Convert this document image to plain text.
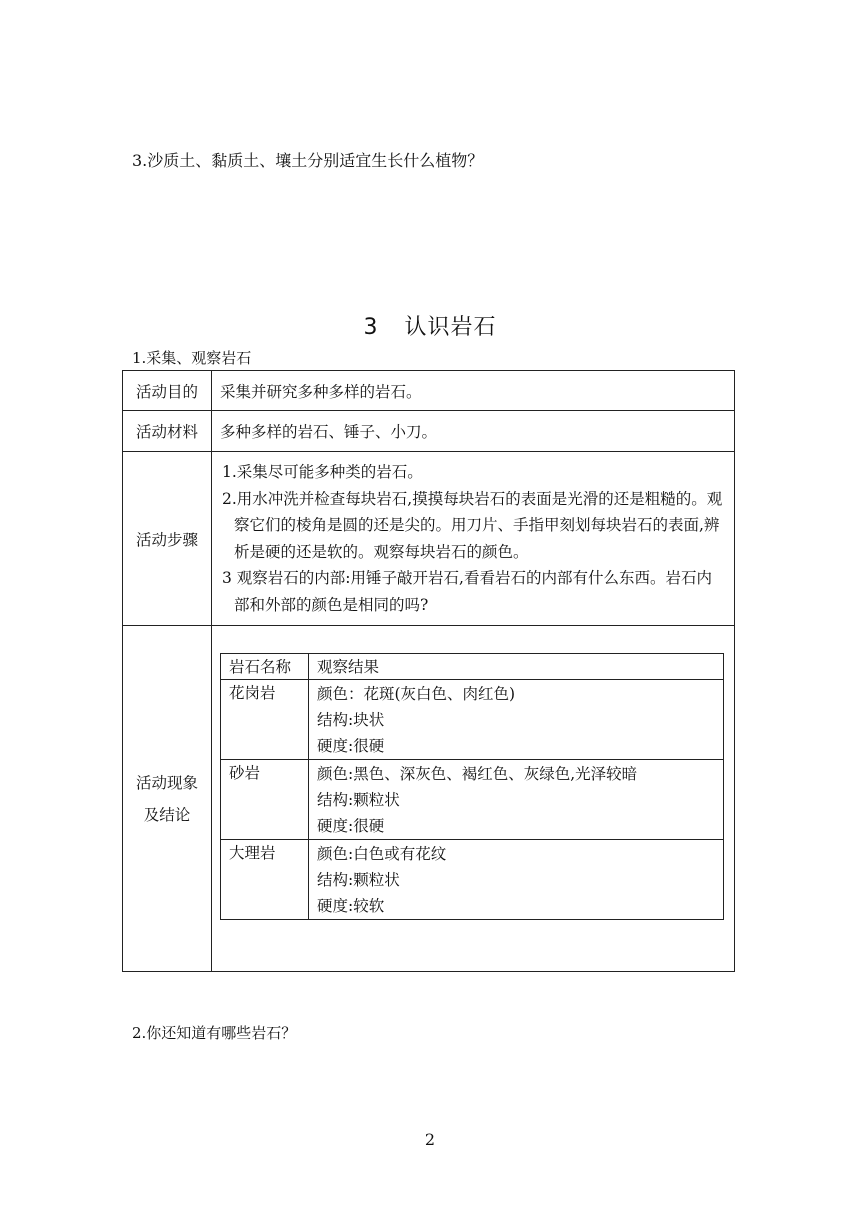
3.沙质土、黏质土、壤土分别适宜生长什么植物？
3 认识岩石
1.采集、观察岩石
活动目的	采集并研究多种多样的岩石。
活动材料	多种多样的岩石、锤子、小刀。
活动步骤	

1.采集尽可能多种类的岩石。

2.用水冲洗并检查每块岩石,摸摸每块岩石的表面是光滑的还是粗糙的。观察它们的棱角是圆的还是尖的。用刀片、手指甲刻划每块岩石的表面,辨析是硬的还是软的。观察每块岩石的颜色。

3 观察岩石的内部:用锤子敲开岩石,看看岩石的内部有什么东西。岩石内部和外部的颜色是相同的吗?

活动现象
及结论

岩石名称	观察结果
花岗岩	颜色：花斑(灰白色、肉红色)
结构:块状
硬度:很硬

砂岩	颜色:黑色、深灰色、褐红色、灰绿色,光泽较暗
结构:颗粒状
硬度:很硬

大理岩	颜色:白色或有花纹
结构:颗粒状
硬度:较软
2.你还知道有哪些岩石？
2
